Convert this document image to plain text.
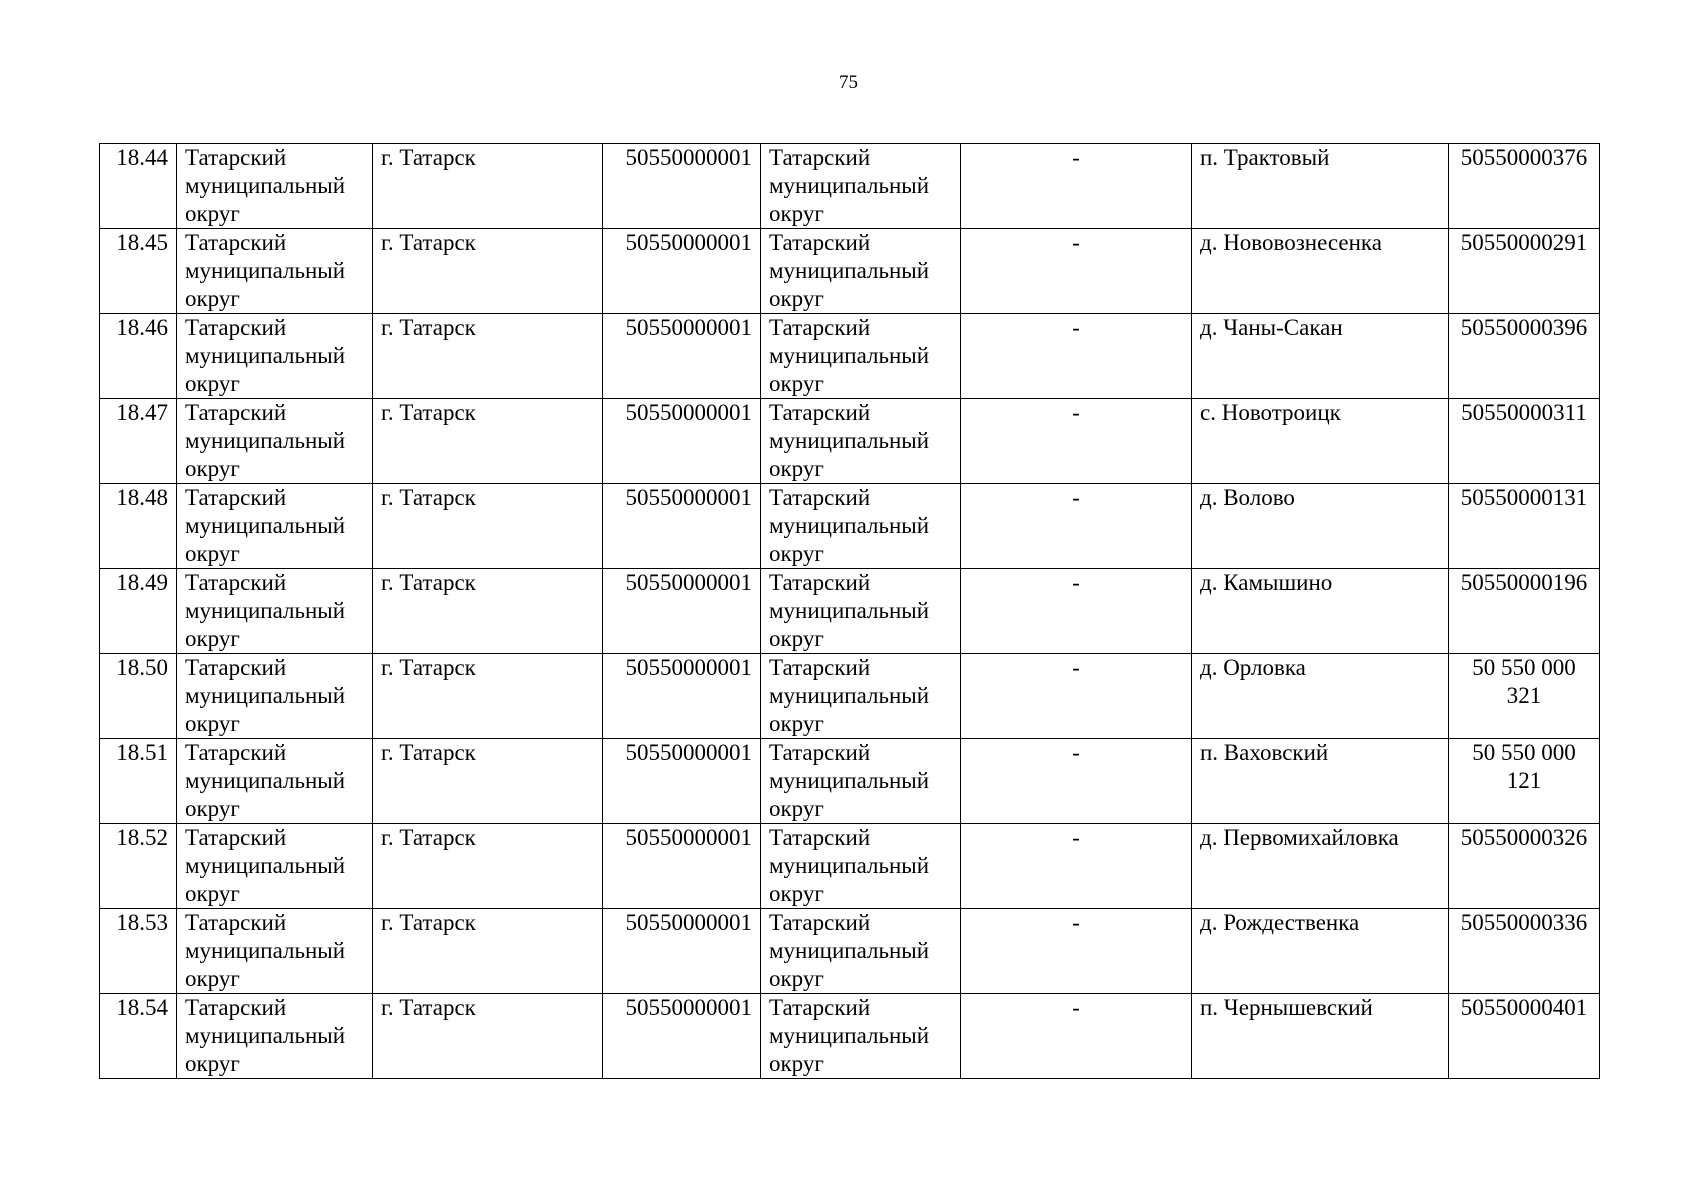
75
18.44	Татарский муниципальный округ	г. Татарск	50550000001	Татарский муниципальный округ	-	п. Трактовый	50550000376
18.45	Татарский муниципальный округ	г. Татарск	50550000001	Татарский муниципальный округ	-	д. Нововознесенка	50550000291
18.46	Татарский муниципальный округ	г. Татарск	50550000001	Татарский муниципальный округ	-	д. Чаны-Сакан	50550000396
18.47	Татарский муниципальный округ	г. Татарск	50550000001	Татарский муниципальный округ	-	с. Новотроицк	50550000311
18.48	Татарский муниципальный округ	г. Татарск	50550000001	Татарский муниципальный округ	-	д. Волово	50550000131
18.49	Татарский муниципальный округ	г. Татарск	50550000001	Татарский муниципальный округ	-	д. Камышино	50550000196
18.50	Татарский муниципальный округ	г. Татарск	50550000001	Татарский муниципальный округ	-	д. Орловка	50 550 000 321
18.51	Татарский муниципальный округ	г. Татарск	50550000001	Татарский муниципальный округ	-	п. Ваховский	50 550 000 121
18.52	Татарский муниципальный округ	г. Татарск	50550000001	Татарский муниципальный округ	-	д. Первомихайловка	50550000326
18.53	Татарский муниципальный округ	г. Татарск	50550000001	Татарский муниципальный округ	-	д. Рождественка	50550000336
18.54	Татарский муниципальный округ	г. Татарск	50550000001	Татарский муниципальный округ	-	п. Чернышевский	50550000401
